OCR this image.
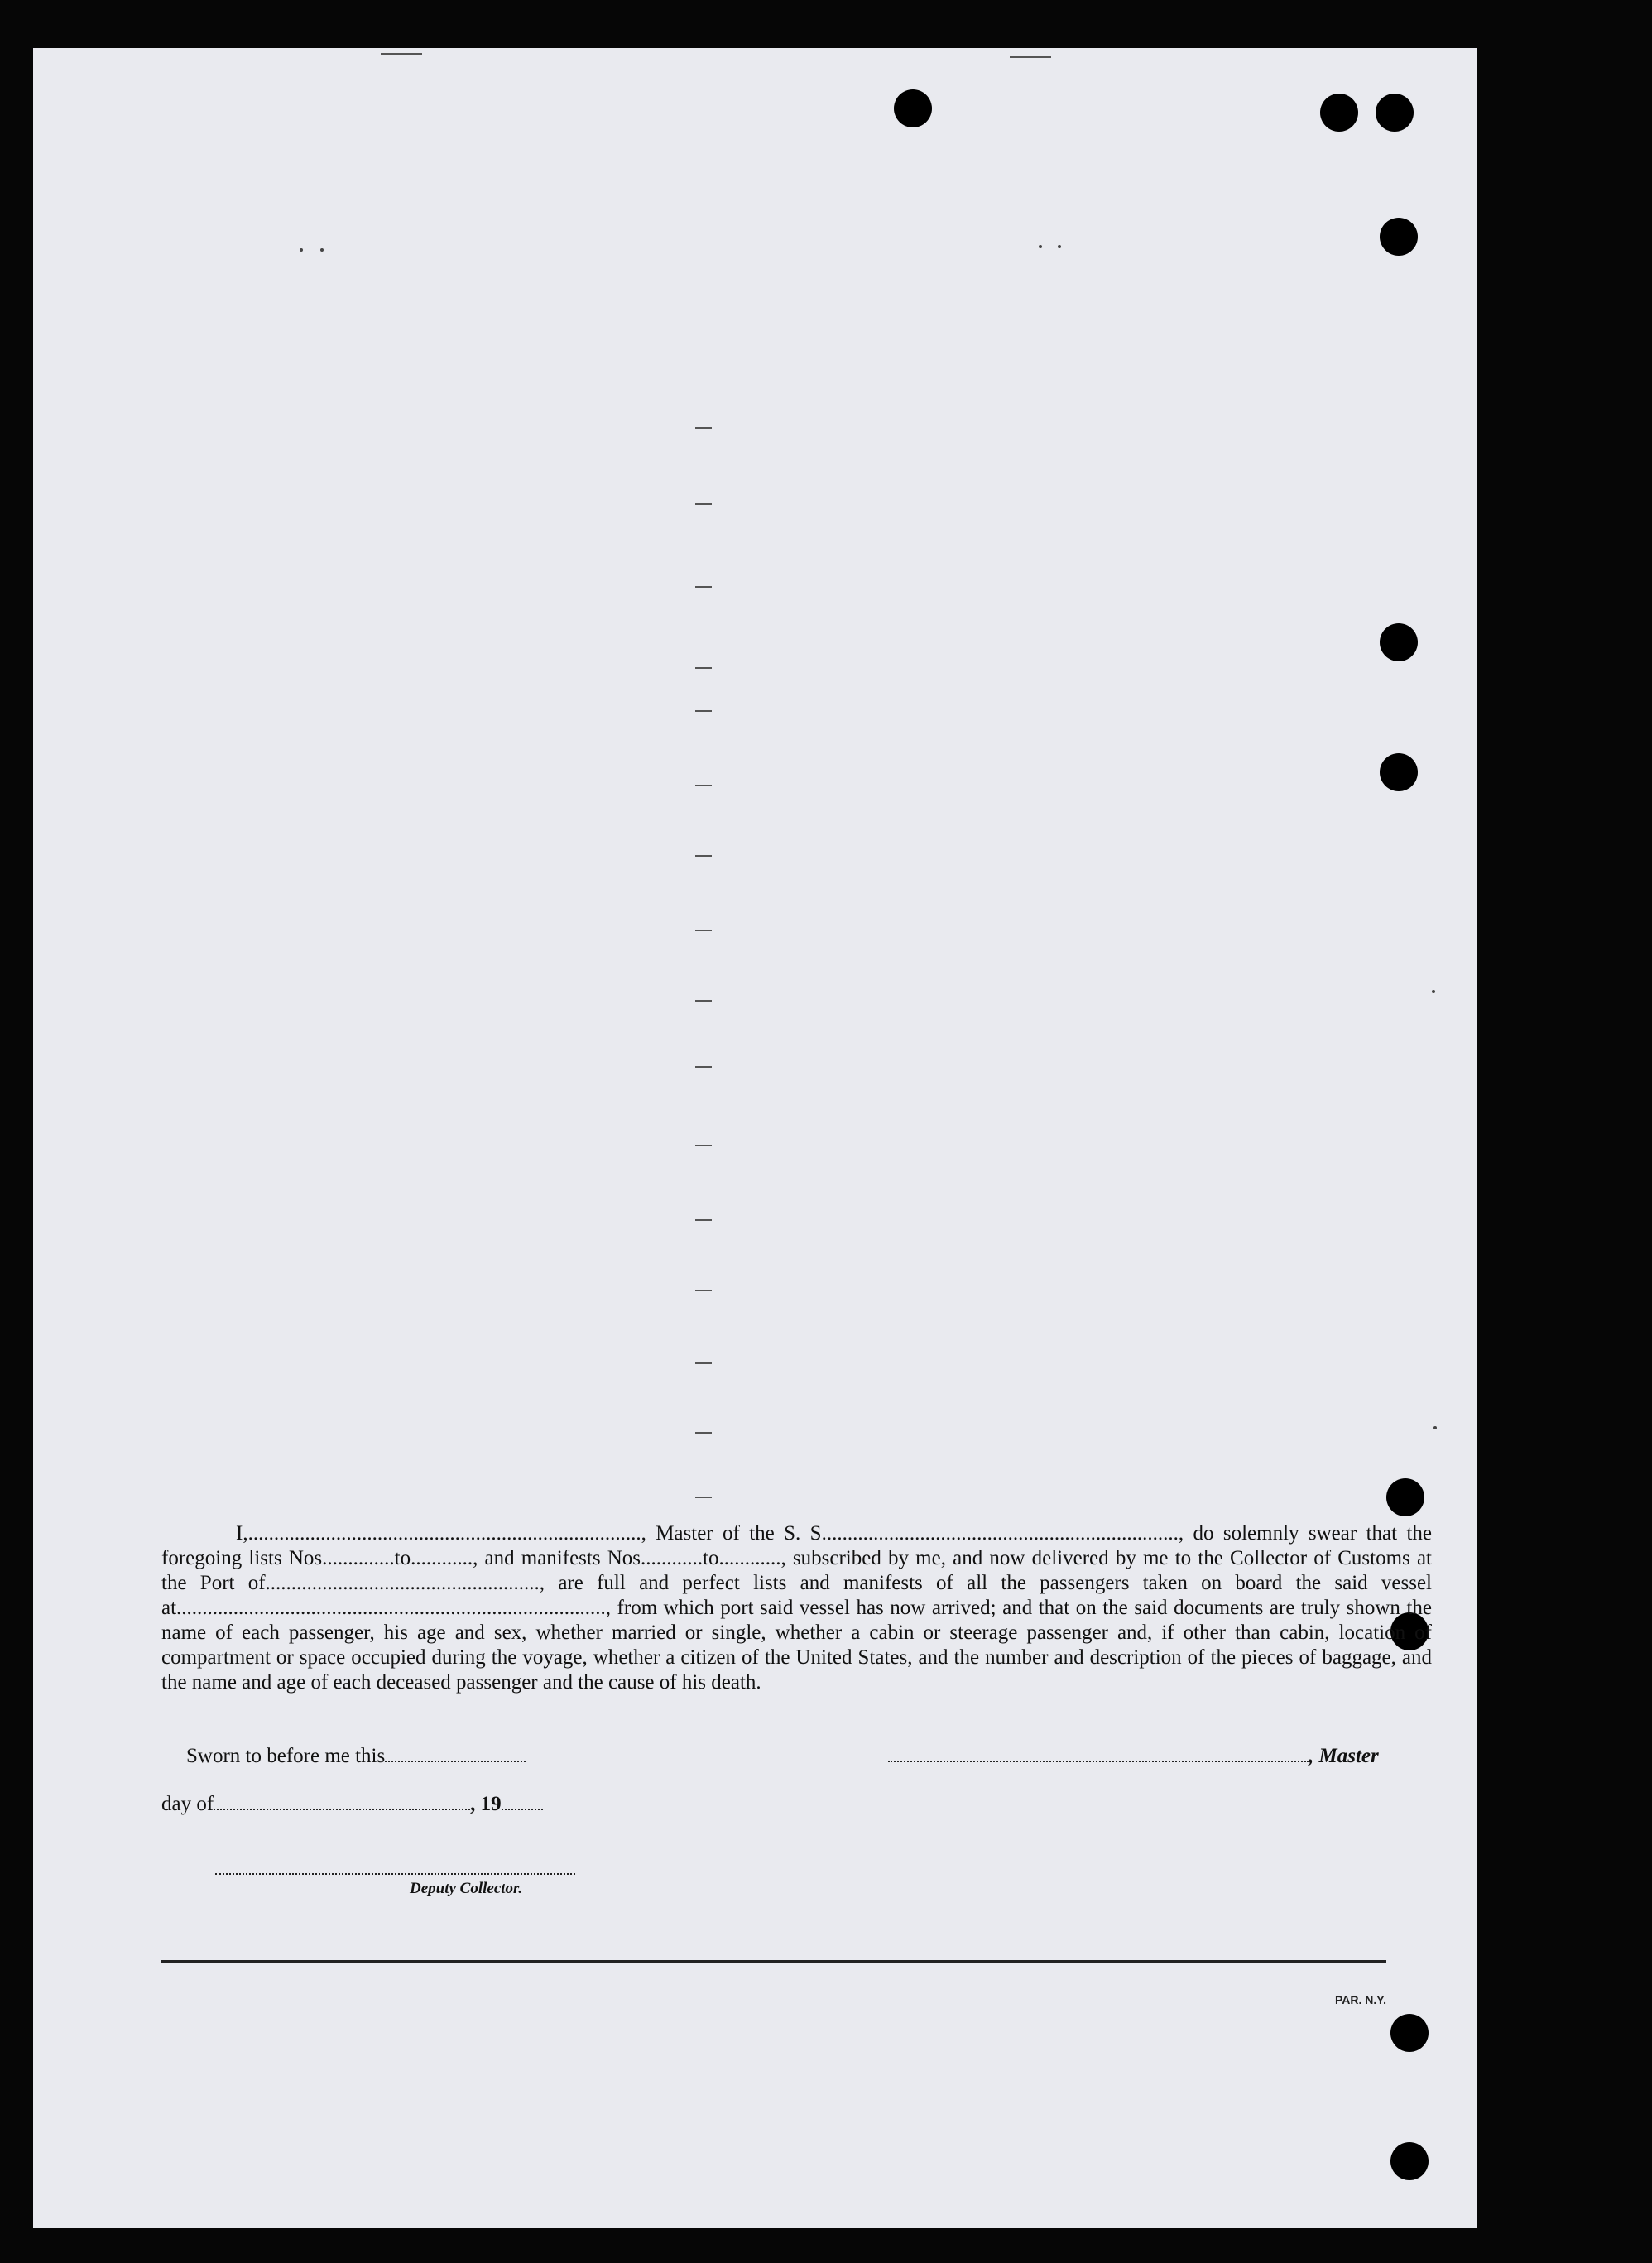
I,............................................................................, Master of the S. S....................................................................., do solemnly swear that the foregoing lists Nos..............to............, and manifests Nos............to............, subscribed by me, and now delivered by me to the Collector of Customs at the Port of....................................................., are full and perfect lists and manifests of all the passengers taken on board the said vessel at..................................................................................., from which port said vessel has now arrived; and that on the said documents are truly shown the name of each passenger, his age and sex, whether married or single, whether a cabin or steerage passenger and, if other than cabin, location of compartment or space occupied during the voyage, whether a citizen of the United States, and the number and description of the pieces of baggage, and the name and age of each deceased passenger and the cause of his death.

Sworn to before me this	, Master
day of	, 19
Deputy Collector.
PAR. N.Y.
